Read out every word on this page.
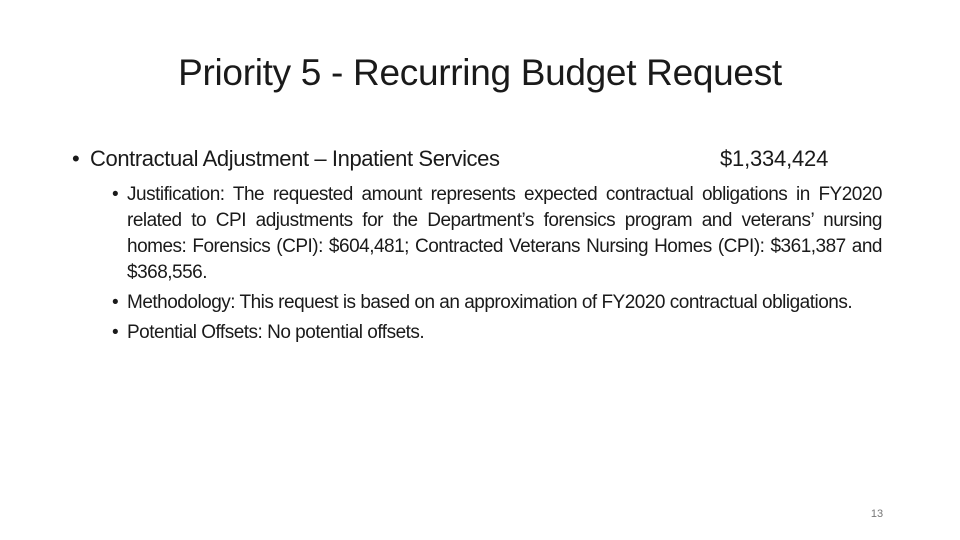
Priority 5 - Recurring Budget Request
• Contractual Adjustment – Inpatient Services	$1,334,424
• Justification: The requested amount represents expected contractual obligations in FY2020 related to CPI adjustments for the Department’s forensics program and veterans’ nursing homes: Forensics (CPI): $604,481; Contracted Veterans Nursing Homes (CPI): $361,387 and $368,556.
• Methodology: This request is based on an approximation of FY2020 contractual obligations.
• Potential Offsets: No potential offsets.
13
